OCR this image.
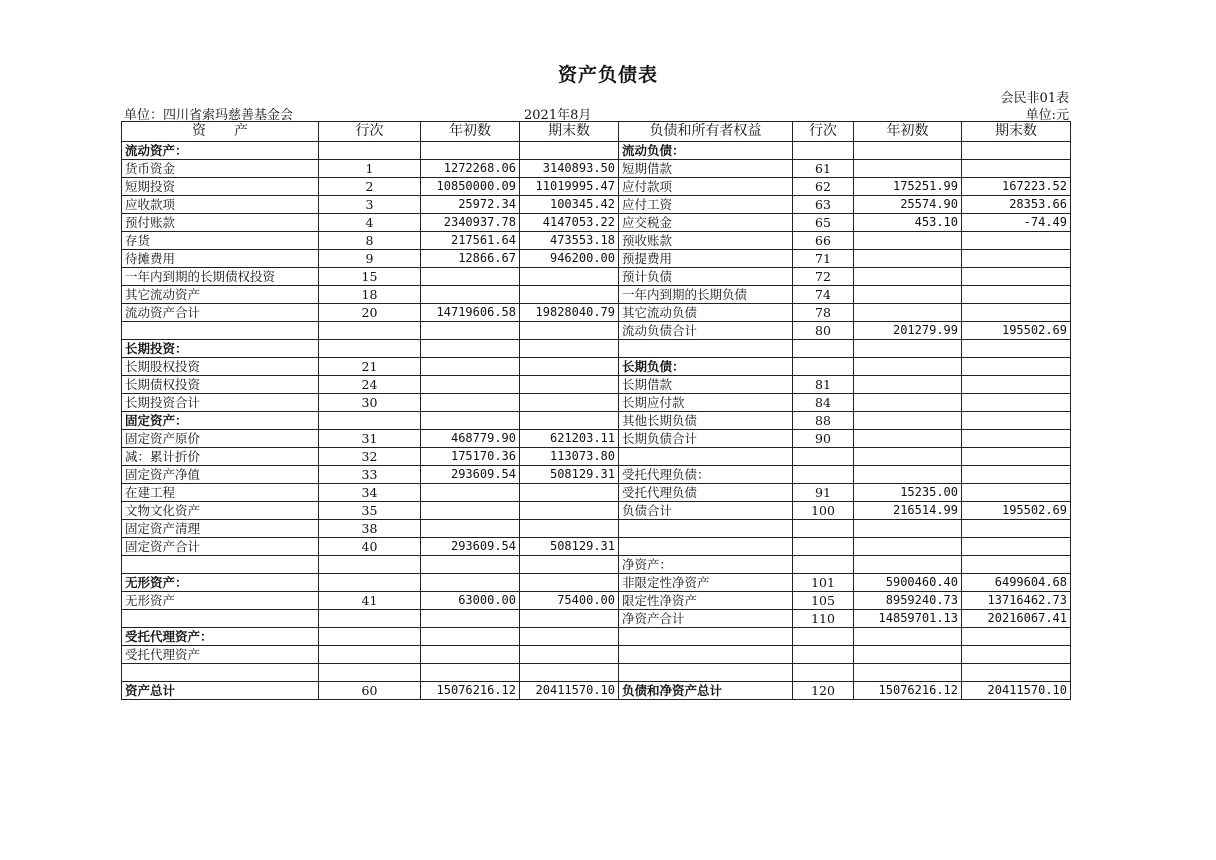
资产负债表
会民非01表
单位：四川省索玛慈善基金会	2021年8月	单位:元
资　　产	行次	年初数	期末数	负债和所有者权益	行次	年初数	期末数
流动资产：				流动负债：			
货币资金	1	1272268.06	3140893.50	短期借款	61		
短期投资	2	10850000.09	11019995.47	应付款项	62	175251.99	167223.52
应收款项	3	25972.34	100345.42	应付工资	63	25574.90	28353.66
预付账款	4	2340937.78	4147053.22	应交税金	65	453.10	-74.49
存货	8	217561.64	473553.18	预收账款	66		
待摊费用	9	12866.67	946200.00	预提费用	71		
一年内到期的长期债权投资	15			预计负债	72		
其它流动资产	18			一年内到期的长期负债	74		
流动资产合计	20	14719606.58	19828040.79	其它流动负债	78		
				流动负债合计	80	201279.99	195502.69
长期投资：							
长期股权投资	21			长期负债：			
长期债权投资	24			长期借款	81		
长期投资合计	30			长期应付款	84		
固定资产：				其他长期负债	88		
固定资产原价	31	468779.90	621203.11	长期负债合计	90		
减：累计折价	32	175170.36	113073.80				
固定资产净值	33	293609.54	508129.31	受托代理负债：			
在建工程	34			受托代理负债	91	15235.00	
文物文化资产	35			负债合计	100	216514.99	195502.69
固定资产清理	38						
固定资产合计	40	293609.54	508129.31				
				净资产：			
无形资产：				非限定性净资产	101	5900460.40	6499604.68
无形资产	41	63000.00	75400.00	限定性净资产	105	8959240.73	13716462.73
				净资产合计	110	14859701.13	20216067.41
受托代理资产：							
受托代理资产							

资产总计	60	15076216.12	20411570.10	负债和净资产总计	120	15076216.12	20411570.10
